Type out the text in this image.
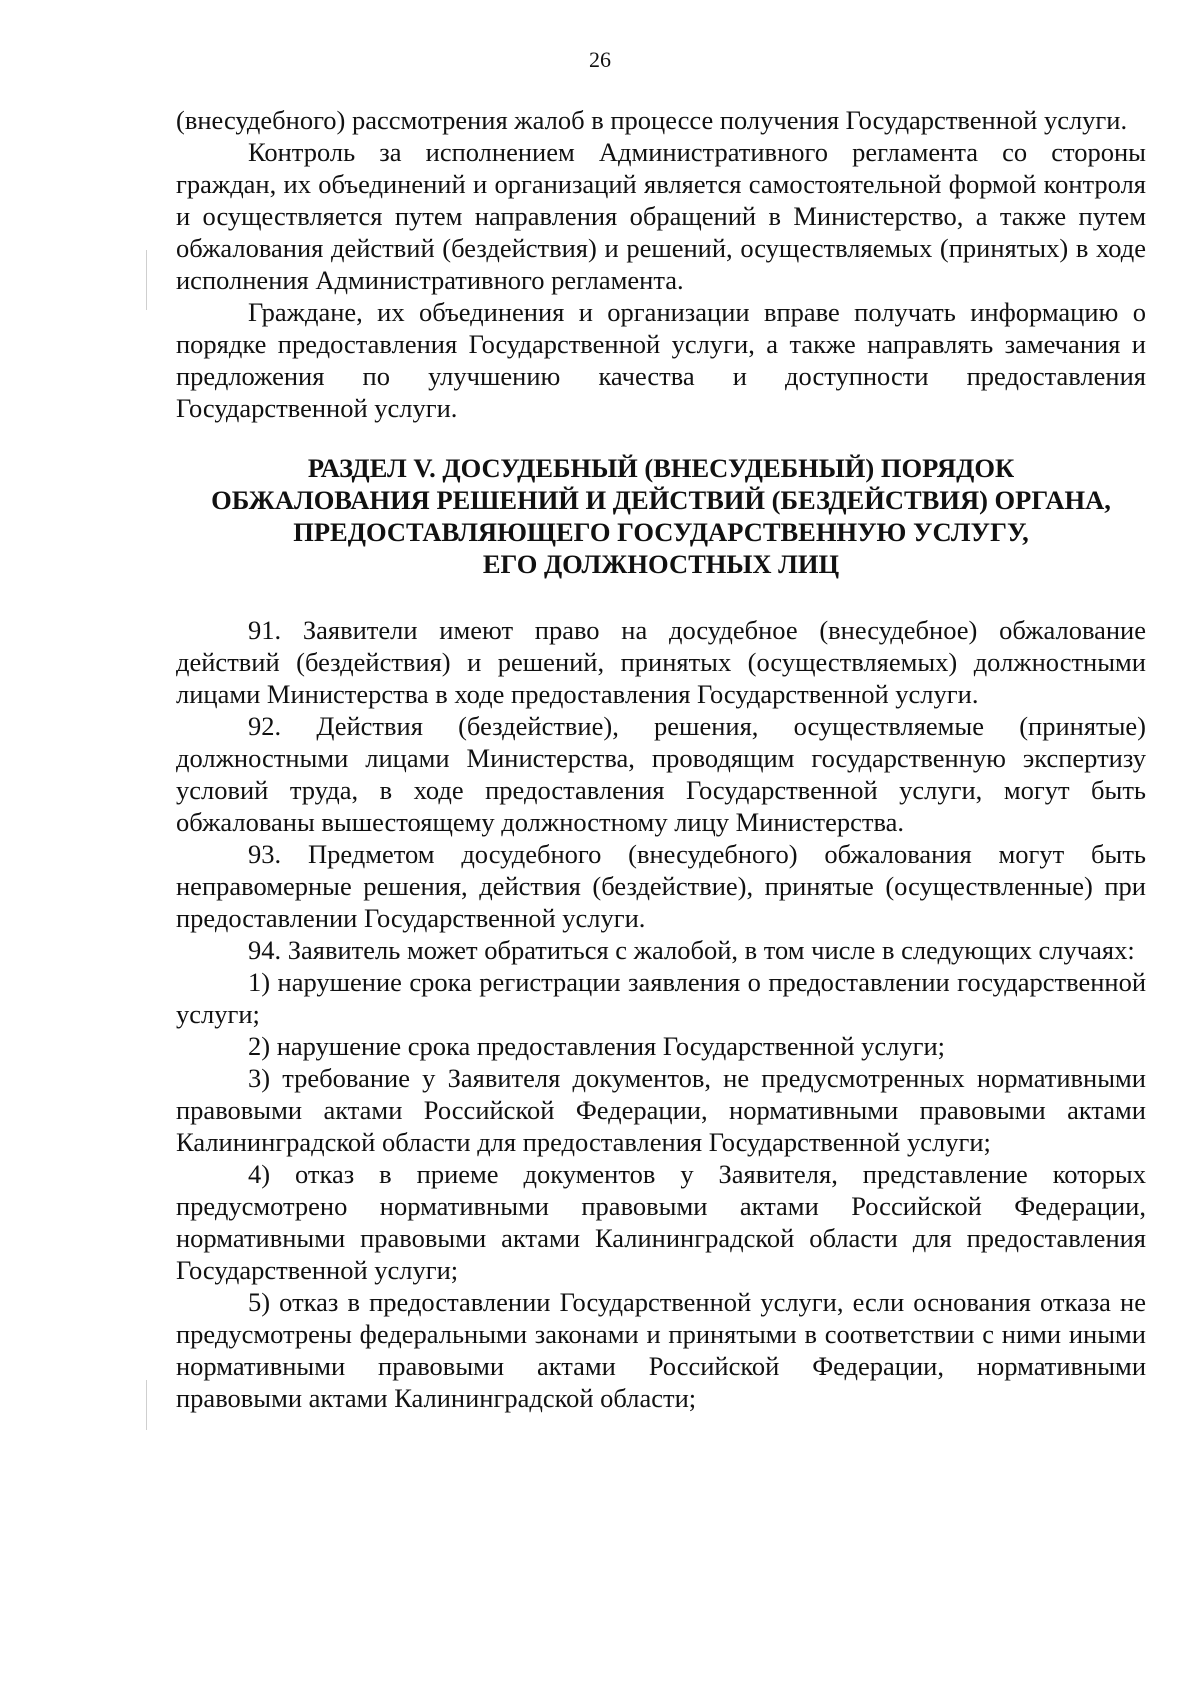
26

(внесудебного) рассмотрения жалоб в процессе получения Государственной услуги.

Контроль за исполнением Административного регламента со стороны граждан, их объединений и организаций является самостоятельной формой контроля и осуществляется путем направления обращений в Министерство, а также путем обжалования действий (бездействия) и решений, осуществляемых (принятых) в ходе исполнения Административного регламента.

Граждане, их объединения и организации вправе получать информацию о порядке предоставления Государственной услуги, а также направлять замечания и предложения по улучшению качества и доступности предоставления Государственной услуги.

РАЗДЕЛ V. ДОСУДЕБНЫЙ (ВНЕСУДЕБНЫЙ) ПОРЯДОК
ОБЖАЛОВАНИЯ РЕШЕНИЙ И ДЕЙСТВИЙ (БЕЗДЕЙСТВИЯ) ОРГАНА,
ПРЕДОСТАВЛЯЮЩЕГО ГОСУДАРСТВЕННУЮ УСЛУГУ,
ЕГО ДОЛЖНОСТНЫХ ЛИЦ

91. Заявители имеют право на досудебное (внесудебное) обжалование действий (бездействия) и решений, принятых (осуществляемых) должностными лицами Министерства в ходе предоставления Государственной услуги.

92. Действия (бездействие), решения, осуществляемые (принятые) должностными лицами Министерства, проводящим государственную экспертизу условий труда, в ходе предоставления Государственной услуги, могут быть обжалованы вышестоящему должностному лицу Министерства.

93. Предметом досудебного (внесудебного) обжалования могут быть неправомерные решения, действия (бездействие), принятые (осуществленные) при предоставлении Государственной услуги.

94. Заявитель может обратиться с жалобой, в том числе в следующих случаях:

1) нарушение срока регистрации заявления о предоставлении государственной услуги;

2) нарушение срока предоставления Государственной услуги;

3) требование у Заявителя документов, не предусмотренных нормативными правовыми актами Российской Федерации, нормативными правовыми актами Калининградской области для предоставления Государственной услуги;

4) отказ в приеме документов у Заявителя, представление которых предусмотрено нормативными правовыми актами Российской Федерации, нормативными правовыми актами Калининградской области для предоставления Государственной услуги;

5) отказ в предоставлении Государственной услуги, если основания отказа не предусмотрены федеральными законами и принятыми в соответствии с ними иными нормативными правовыми актами Российской Федерации, нормативными правовыми актами Калининградской области;
